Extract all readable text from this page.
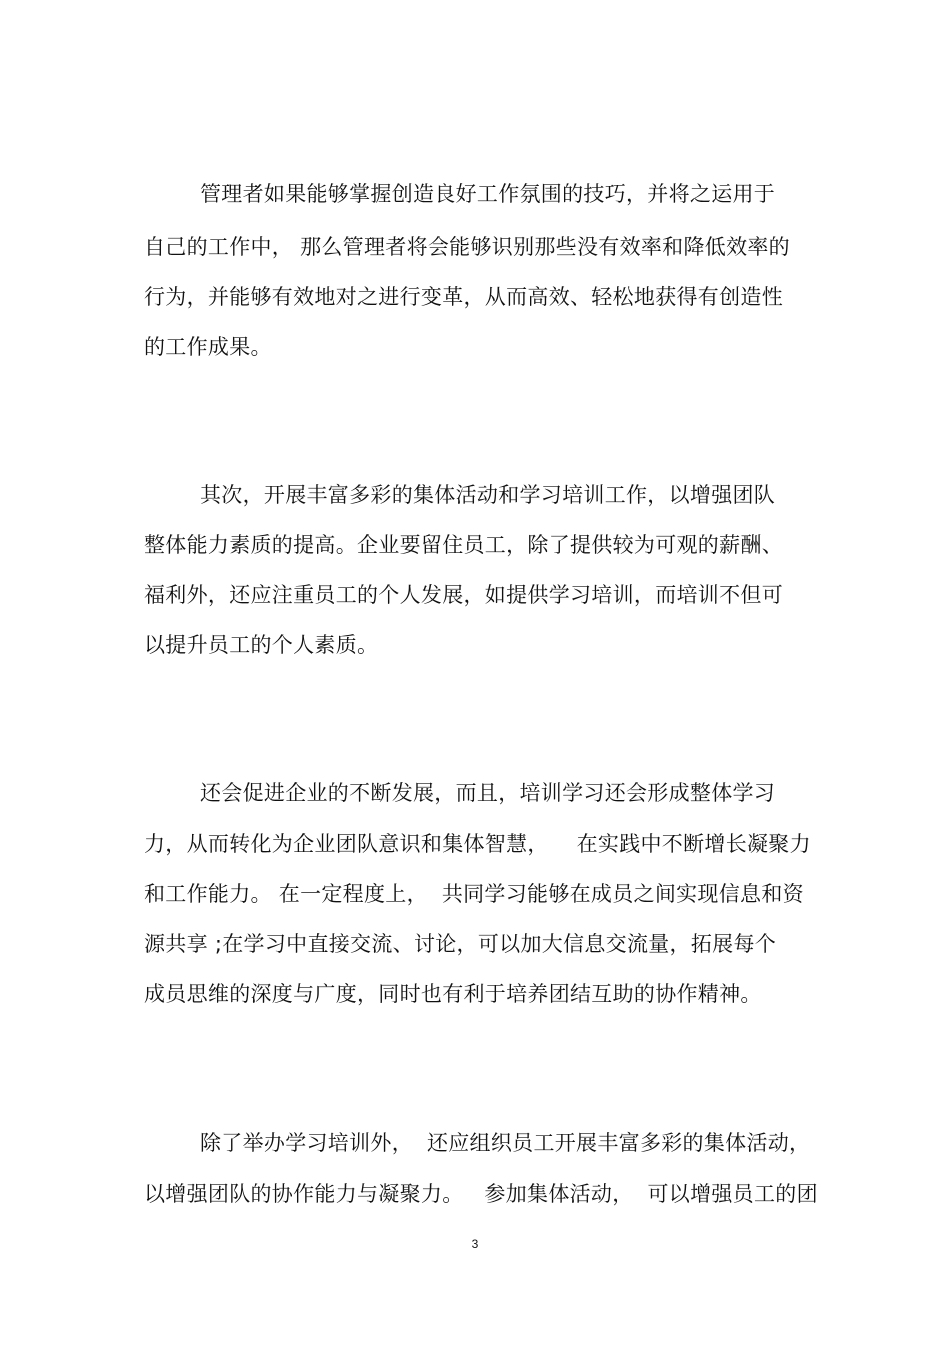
管理者如果能够掌握创造良好工作氛围的技巧，并将之运用于
自己的工作中， 那么管理者将会能够识别那些没有效率和降低效率的
行为，并能够有效地对之进行变革，从而高效、轻松地获得有创造性
的工作成果。
其次，开展丰富多彩的集体活动和学习培训工作，以增强团队
整体能力素质的提高。企业要留住员工，除了提供较为可观的薪酬、
福利外，还应注重员工的个人发展，如提供学习培训，而培训不但可
以提升员工的个人素质。
还会促进企业的不断发展，而且，培训学习还会形成整体学习
力，从而转化为企业团队意识和集体智慧，    在实践中不断增长凝聚力
和工作能力。 在一定程度上，  共同学习能够在成员之间实现信息和资
源共享 ;在学习中直接交流、讨论，可以加大信息交流量，拓展每个
成员思维的深度与广度，同时也有利于培养团结互助的协作精神。
除了举办学习培训外，  还应组织员工开展丰富多彩的集体活动，
以增强团队的协作能力与凝聚力。   参加集体活动，  可以增强员工的团
3
